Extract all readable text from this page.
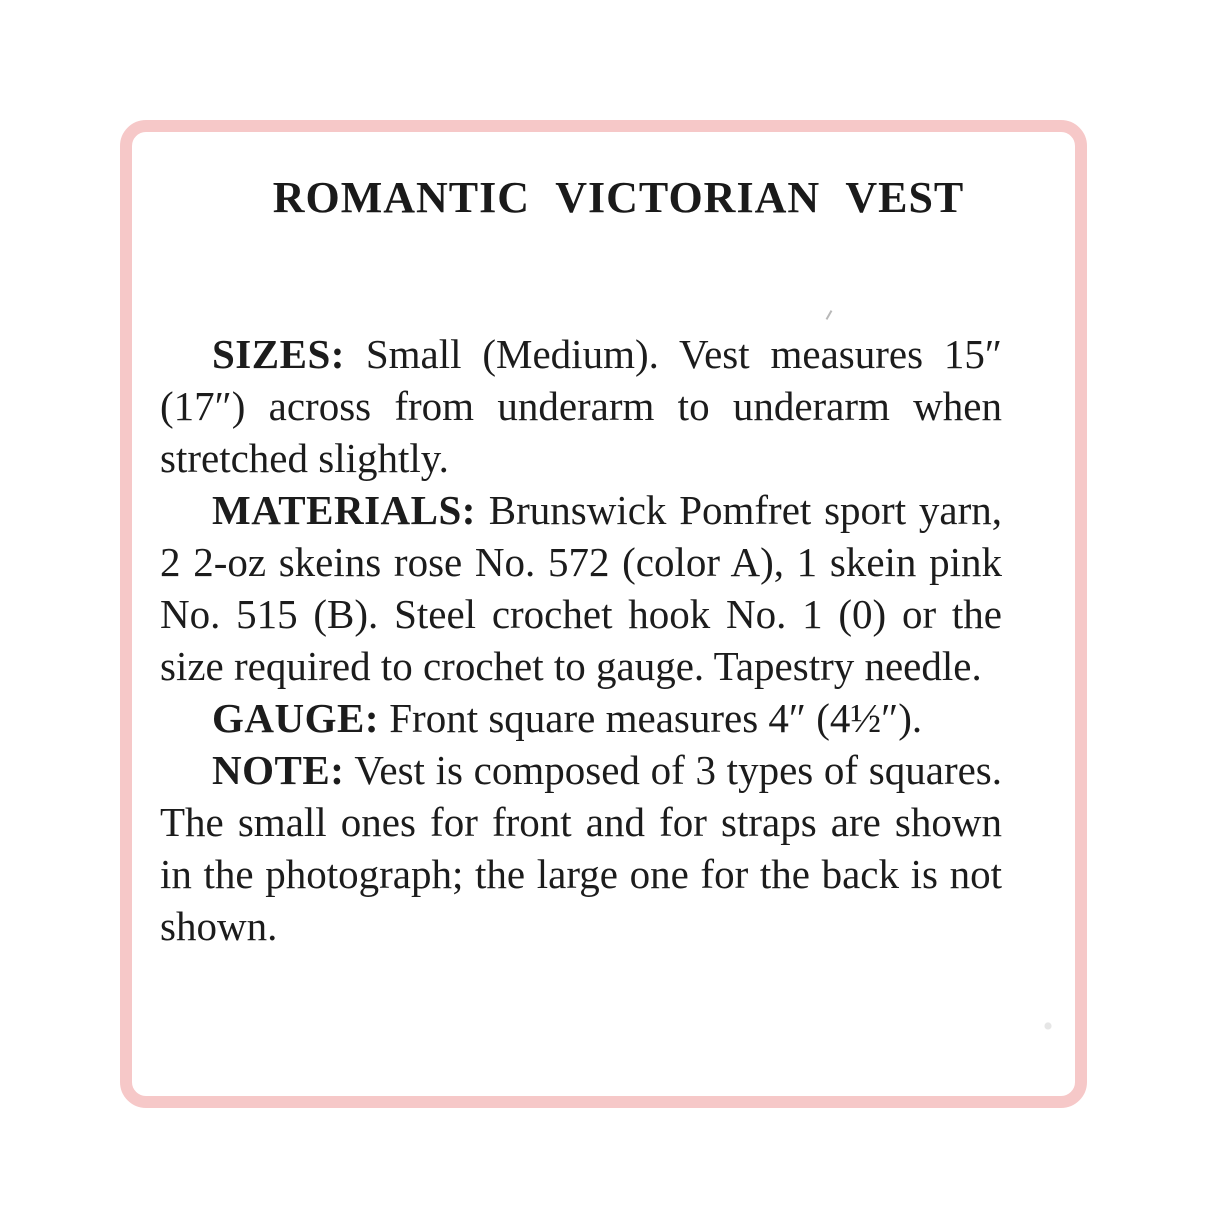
ROMANTIC VICTORIAN VEST

SIZES: Small (Medium). Vest measures 15″ (17″) across from underarm to underarm when stretched slightly.

MATERIALS: Brunswick Pomfret sport yarn, 2 2-oz skeins rose No. 572 (color A), 1 skein pink No. 515 (B). Steel crochet hook No. 1 (0) or the size required to crochet to gauge. Tapestry needle.

GAUGE: Front square measures 4″ (4½″).

NOTE: Vest is composed of 3 types of squares. The small ones for front and for straps are shown in the photograph; the large one for the back is not shown.

•
